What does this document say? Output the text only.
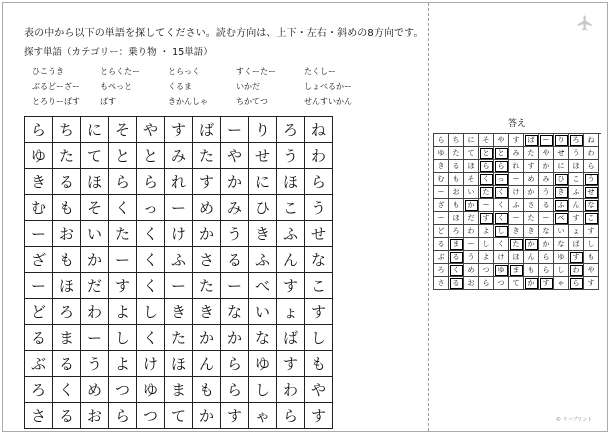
表の中から以下の単語を探してください。読む方向は、上下・左右・斜めの8方向です。
探す単語（カテゴリー：乗り物 ・ 15単語）
ひこうき	とらくたー	とらっく	すくーたー	たくしー
ぶるどーざー	もぺっと	くるま	いかだ	しょべるかー
とろりーばす	ばす	きかんしゃ	ちかてつ	せんすいかん
ら ち に そ や す ば ー り ろ ね
ゆ た て と と み た や せ う わ
き る ほ ら ら れ す か に ほ ら
む も そ く っ ー め み ひ こ う
ー お い た く け か う き ふ せ
ざ も か ー く ふ さ る ふ ん な
ー ほ だ す く ー た ー べ す こ
ど ろ わ よ し き き な い ょ す
る ま ー し く た か か な ば し
ぶ る う よ け ほ ん ら ゆ す も
ろ く め つ ゆ ま も ら し わ や
さ る お ら つ て か す ゃ ら す
答え
ら	ち	に	そ	や	す	ば	ー	り	ろ	ね
ゆ	た	て	と	と	み	た	や	せ	う	わ
き	る	ほ	ら	ら	れ	す	か	に	ほ	ら
む	も	そ	く	っ	ー	め	み	ひ	こ	う
ー	お	い	た	く	け	か	う	き	ふ	せ
ざ	も	か	ー	く	ふ	さ	る	ふ	ん	な
ー	ほ	だ	す	く	ー	た	ー	べ	す	こ
ど	ろ	わ	よ	し	き	き	な	い	ょ	す
る	ま	ー	し	く	た	か	か	な	ば	し
ぶ	る	う	よ	け	ほ	ん	ら	ゆ	す	も
ろ	く	め	つ	ゆ	ま	も	ら	し	わ	や
さ	る	お	ら	つ	て	か	す	ゃ	ら	す
© リハプリント
